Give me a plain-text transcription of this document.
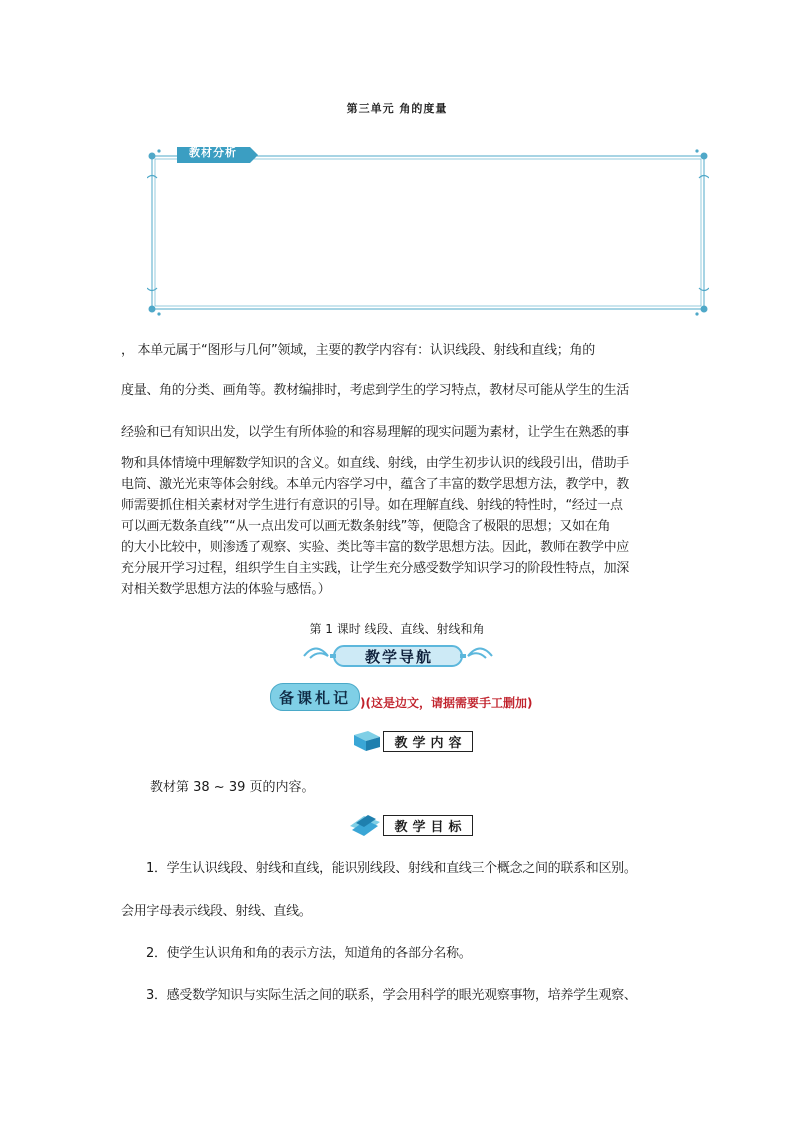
第三单元 角的度量
教材分析
， 本单元属于“图形与几何”领域，主要的教学内容有：认识线段、射线和直线；角的
度量、角的分类、画角等。教材编排时，考虑到学生的学习特点，教材尽可能从学生的生活
经验和已有知识出发，以学生有所体验的和容易理解的现实问题为素材，让学生在熟悉的事
物和具体情境中理解数学知识的含义。如直线、射线，由学生初步认识的线段引出，借助手
电筒、激光光束等体会射线。本单元内容学习中，蕴含了丰富的数学思想方法，教学中，教
师需要抓住相关素材对学生进行有意识的引导。如在理解直线、射线的特性时，“经过一点
可以画无数条直线”“从一点出发可以画无数条射线”等，便隐含了极限的思想；又如在角
的大小比较中，则渗透了观察、实验、类比等丰富的数学思想方法。因此，教师在教学中应
充分展开学习过程，组织学生自主实践，让学生充分感受数学知识学习的阶段性特点，加深
对相关数学思想方法的体验与感悟。）
第 1 课时 线段、直线、射线和角
教学导航
备课札记 )(这是边文，请据需要手工删加)
教学内容
教材第 38 ~ 39 页的内容。
教学目标
1．学生认识线段、射线和直线，能识别线段、射线和直线三个概念之间的联系和区别。
会用字母表示线段、射线、直线。
2．使学生认识角和角的表示方法，知道角的各部分名称。
3．感受数学知识与实际生活之间的联系，学会用科学的眼光观察事物，培养学生观察、
